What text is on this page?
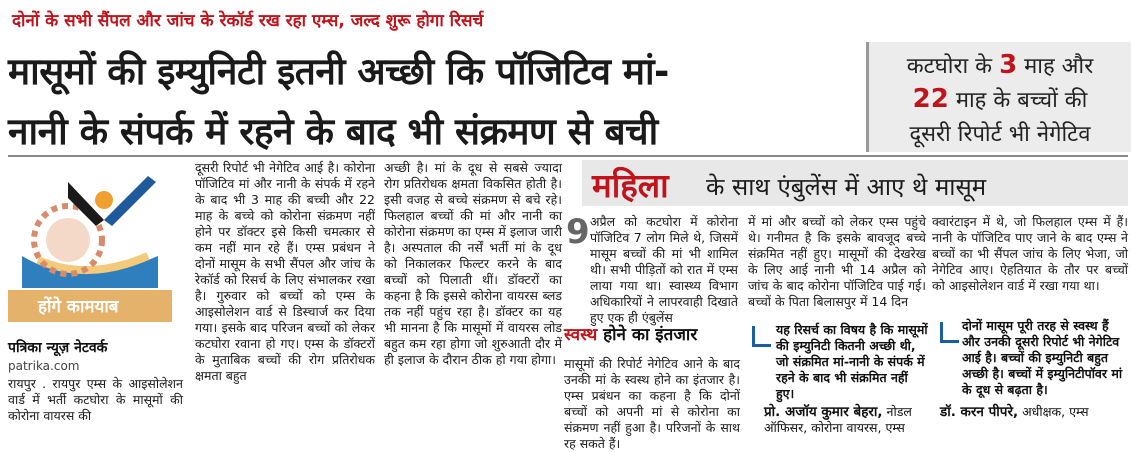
दोनों के सभी सैंपल और जांच के रेकॉर्ड रख रहा एम्स, जल्द शुरू होगा रिसर्च
मासूमों की इम्युनिटी इतनी अच्छी कि पॉजिटिव मां-
नानी के संपर्क में रहने के बाद भी संक्रमण से बची
कटघोरा के 3 माह और
22 माह के बच्चों की
दूसरी रिपोर्ट भी नेगेटिव
होंगे कामयाब
पत्रिका न्यूज़ नेटवर्क
patrika.com

रायपुर . रायपुर एम्स के आइसोलेशन वार्ड में भर्ती कटघोरा के मासूमों की कोरोना वायरस की

दूसरी रिपोर्ट भी नेगेटिव आई है। कोरोना पॉजिटिव मां और नानी के संपर्क में रहने के बाद भी 3 माह की बच्ची और 22 माह के बच्चे को कोरोना संक्रमण नहीं होने पर डॉक्टर इसे किसी चमत्कार से कम नहीं मान रहे हैं। एम्स प्रबंधन ने दोनों मासूम के सभी सैंपल और जांच के रेकॉर्ड को रिसर्च के लिए संभालकर रखा है। गुरुवार को बच्चों को एम्स के आइसोलेशन वार्ड से डिस्चार्ज कर दिया गया। इसके बाद परिजन बच्चों को लेकर कटघोरा रवाना हो गए। एम्स के डॉक्टरों के मुताबिक बच्चों की रोग प्रतिरोधक क्षमता बहुत

अच्छी है। मां के दूध से सबसे ज्यादा रोग प्रतिरोधक क्षमता विकसित होती है। इसी वजह से बच्चे संक्रमण से बचे रहे। फिलहाल बच्चों की मां और नानी का कोरोना संक्रमण का एम्स में इलाज जारी है। अस्पताल की नर्सें भर्ती मां के दूध को निकालकर फिल्टर करने के बाद बच्चों को पिलाती थीं। डॉक्टरों का कहना है कि इससे कोरोना वायरस ब्लड तक नहीं पहुंच रहा है। डॉक्टर का यह भी मानना है कि मासूमों में वायरस लोड बहुत कम रहा होगा जो शुरुआती दौर में ही इलाज के दौरान ठीक हो गया होगा।

महिला के साथ एंबुलेंस में आए थे मासूम
9 अप्रैल को कटघोरा में कोरोना पॉजिटिव 7 लोग मिले थे, जिसमें मासूम बच्चों की मां भी शामिल थी। सभी पीड़ितों को रात में एम्स लाया गया था। स्वास्थ्य विभाग अधिकारियों ने लापरवाही दिखाते हुए एक ही एंबुलेंस

स्वस्थ होने का इंतजार

मासूमों की रिपोर्ट नेगेटिव आने के बाद उनकी मां के स्वस्थ होने का इंतजार है। एम्स प्रबंधन का कहना है कि दोनों बच्चों को अपनी मां से कोरोना का संक्रमण नहीं हुआ है। परिजनों के साथ रह सकते हैं।

में मां और बच्चों को लेकर एम्स पहुंचे थे। गनीमत है कि इसके बावजूद बच्चे संक्रमित नहीं हुए। मासूमों की देखरेख के लिए आई नानी भी 14 अप्रैल को जांच के बाद कोरोना पॉजिटिव पाई गई। बच्चों के पिता बिलासपुर में 14 दिन

क्वारंटाइन में थे, जो फिलहाल एम्स में हैं। नानी के पॉजिटिव पाए जाने के बाद एम्स ने बच्चों का भी सैंपल जांच के लिए भेजा, जो नेगेटिव आए। ऐहतियात के तौर पर बच्चों को आइसोलेशन वार्ड में रखा गया था।

यह रिसर्च का विषय है कि मासूमों की इम्युनिटी कितनी अच्छी थी, जो संक्रमित मां-नानी के संपर्क में रहने के बाद भी संक्रमित नहीं हुए।
प्रो. अजॉय कुमार बेहरा, नोडल ऑफिसर, कोरोना वायरस, एम्स
दोनों मासूम पूरी तरह से स्वस्थ हैं और उनकी दूसरी रिपोर्ट भी नेगेटिव आई है। बच्चों की इम्युनिटी बहुत अच्छी है। बच्चों में इम्युनिटीपॉवर मां के दूध से बढ़ता है।
डॉ. करन पीपरे, अधीक्षक, एम्स
